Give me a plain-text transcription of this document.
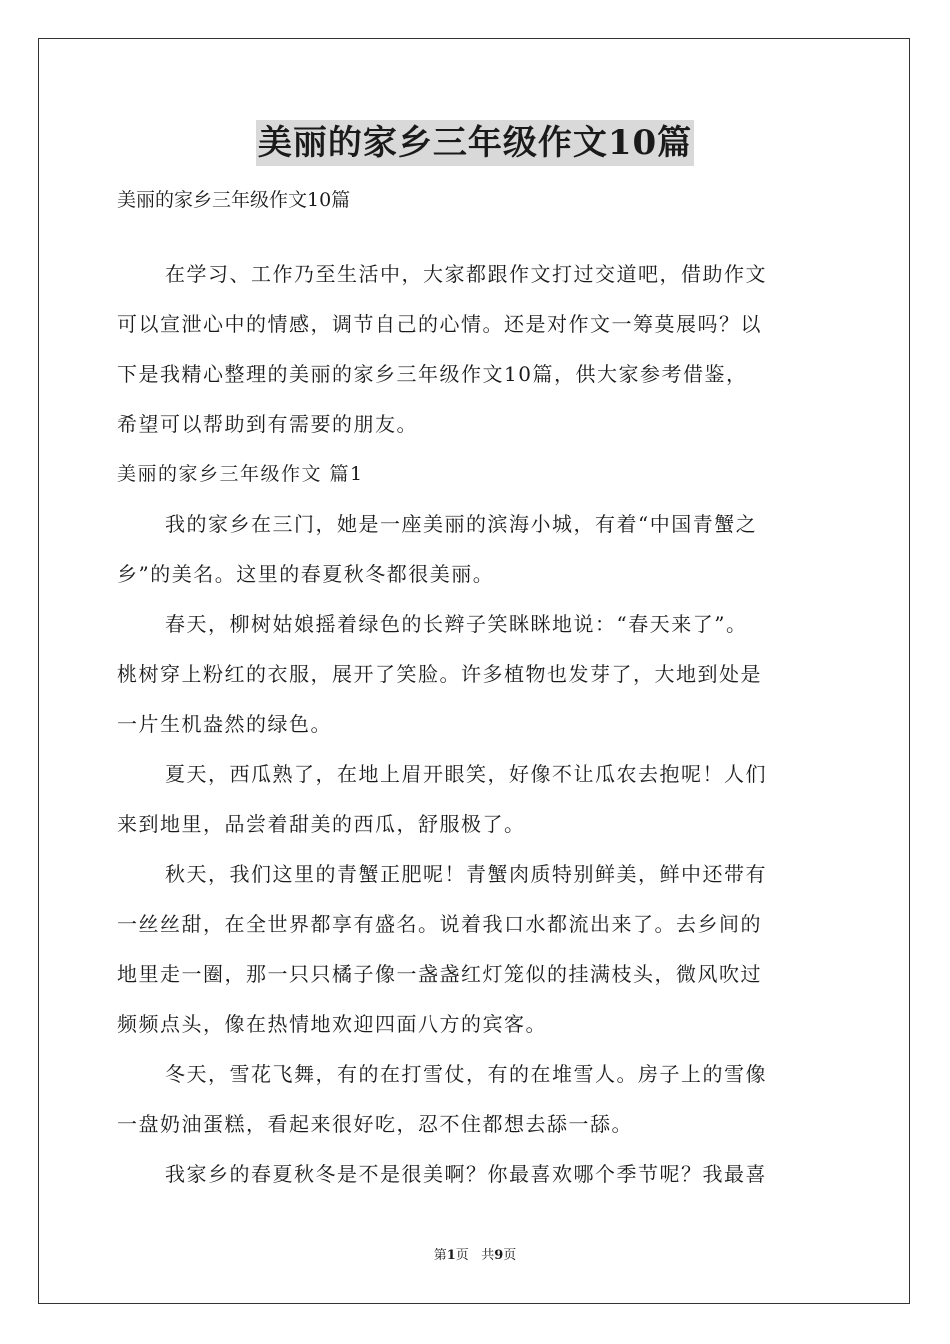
美丽的家乡三年级作文10篇
美丽的家乡三年级作文10篇
在学习、工作乃至生活中，大家都跟作文打过交道吧，借助作文
可以宣泄心中的情感，调节自己的心情。还是对作文一筹莫展吗？以
下是我精心整理的美丽的家乡三年级作文10篇，供大家参考借鉴，
希望可以帮助到有需要的朋友。
美丽的家乡三年级作文 篇1
我的家乡在三门，她是一座美丽的滨海小城，有着“中国青蟹之
乡”的美名。这里的春夏秋冬都很美丽。
春天，柳树姑娘摇着绿色的长辫子笑眯眯地说：“春天来了”。
桃树穿上粉红的衣服，展开了笑脸。许多植物也发芽了，大地到处是
一片生机盎然的绿色。
夏天，西瓜熟了，在地上眉开眼笑，好像不让瓜农去抱呢！人们
来到地里，品尝着甜美的西瓜，舒服极了。
秋天，我们这里的青蟹正肥呢！青蟹肉质特别鲜美，鲜中还带有
一丝丝甜，在全世界都享有盛名。说着我口水都流出来了。去乡间的
地里走一圈，那一只只橘子像一盏盏红灯笼似的挂满枝头，微风吹过
频频点头，像在热情地欢迎四面八方的宾客。
冬天，雪花飞舞，有的在打雪仗，有的在堆雪人。房子上的雪像
一盘奶油蛋糕，看起来很好吃，忍不住都想去舔一舔。
我家乡的春夏秋冬是不是很美啊？你最喜欢哪个季节呢？我最喜
第1页 共9页
